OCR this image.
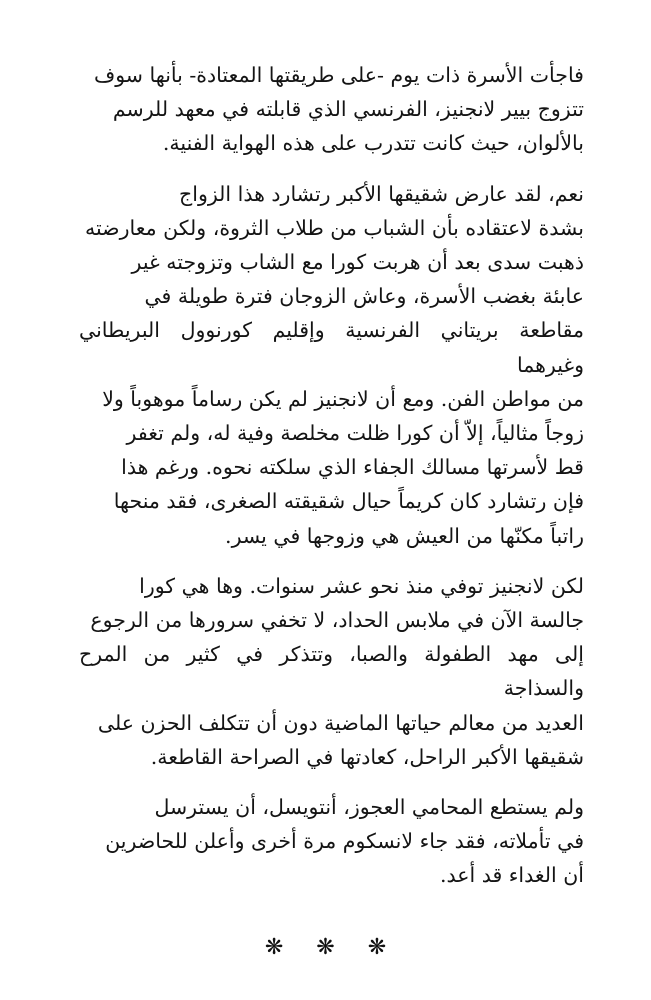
فاجأت الأسرة ذات يوم -على طريقتها المعتادة- بأنها سوف
تتزوج بيير لانجنيز، الفرنسي الذي قابلته في معهد للرسم
بالألوان، حيث كانت تتدرب على هذه الهواية الفنية.

نعم، لقد عارض شقيقها الأكبر رتشارد هذا الزواج
بشدة لاعتقاده بأن الشباب من طلاب الثروة، ولكن معارضته
ذهبت سدى بعد أن هربت كورا مع الشاب وتزوجته غير
عابئة بغضب الأسرة، وعاش الزوجان فترة طويلة في
مقاطعة بريتاني الفرنسية وإقليم كورنوول البريطاني وغيرهما
من مواطن الفن. ومع أن لانجنيز لم يكن رساماً موهوباً ولا
زوجاً مثالياً، إلاّ أن كورا ظلت مخلصة وفية له، ولم تغفر
قط لأسرتها مسالك الجفاء الذي سلكته نحوه. ورغم هذا
فإن رتشارد كان كريماً حيال شقيقته الصغرى، فقد منحها
راتباً مكنّها من العيش هي وزوجها في يسر.

لكن لانجنيز توفي منذ نحو عشر سنوات. وها هي كورا
جالسة الآن في ملابس الحداد، لا تخفي سرورها من الرجوع
إلى مهد الطفولة والصبا، وتتذكر في كثير من المرح والسذاجة
العديد من معالم حياتها الماضية دون أن تتكلف الحزن على
شقيقها الأكبر الراحل، كعادتها في الصراحة القاطعة.

ولم يستطع المحامي العجوز، أنتويسل، أن يسترسل
في تأملاته، فقد جاء لانسكوم مرة أخرى وأعلن للحاضرين
أن الغداء قد أعد.

❋ ❋ ❋
